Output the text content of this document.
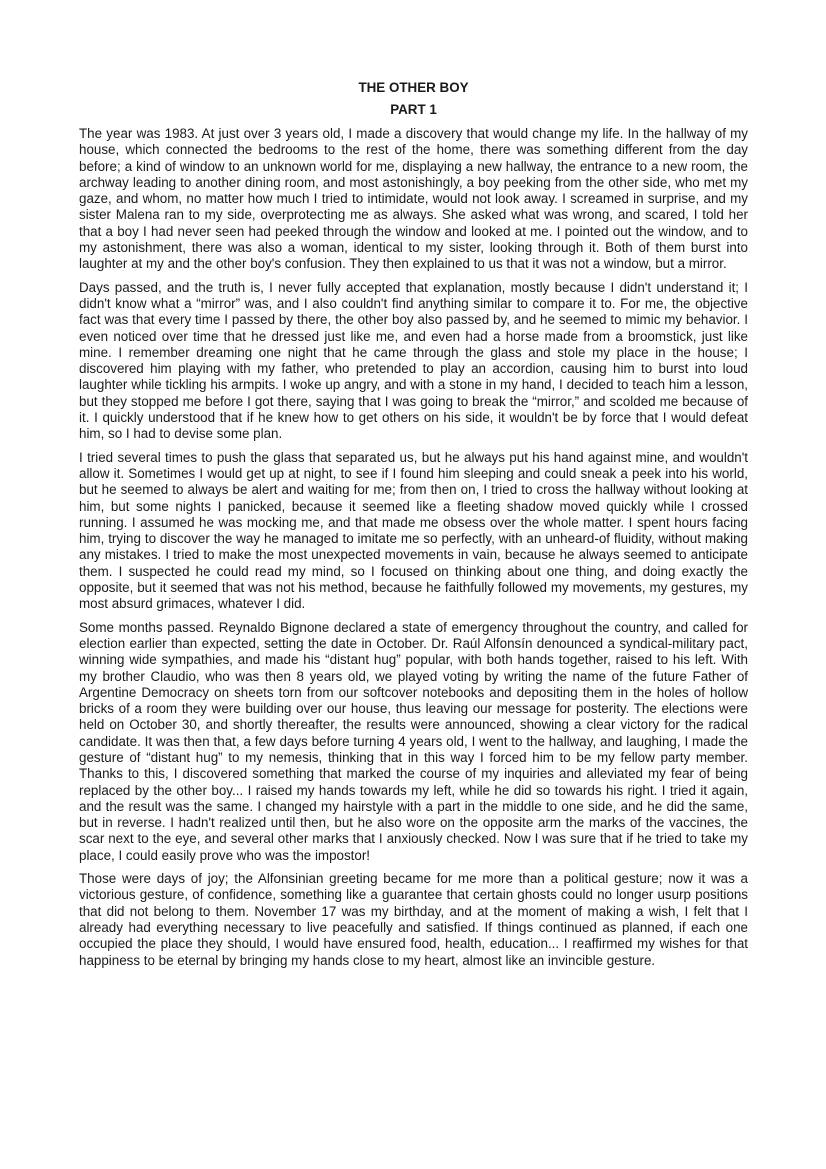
THE OTHER BOY
PART 1

The year was 1983. At just over 3 years old, I made a discovery that would change my life. In the hallway of my house, which connected the bedrooms to the rest of the home, there was something different from the day before; a kind of window to an unknown world for me, displaying a new hallway, the entrance to a new room, the archway leading to another dining room, and most astonishingly, a boy peeking from the other side, who met my gaze, and whom, no matter how much I tried to intimidate, would not look away. I screamed in surprise, and my sister Malena ran to my side, overprotecting me as always. She asked what was wrong, and scared, I told her that a boy I had never seen had peeked through the window and looked at me. I pointed out the window, and to my astonishment, there was also a woman, identical to my sister, looking through it. Both of them burst into laughter at my and the other boy's confusion. They then explained to us that it was not a window, but a mirror.

Days passed, and the truth is, I never fully accepted that explanation, mostly because I didn't understand it; I didn't know what a “mirror” was, and I also couldn't find anything similar to compare it to. For me, the objective fact was that every time I passed by there, the other boy also passed by, and he seemed to mimic my behavior. I even noticed over time that he dressed just like me, and even had a horse made from a broomstick, just like mine. I remember dreaming one night that he came through the glass and stole my place in the house; I discovered him playing with my father, who pretended to play an accordion, causing him to burst into loud laughter while tickling his armpits. I woke up angry, and with a stone in my hand, I decided to teach him a lesson, but they stopped me before I got there, saying that I was going to break the “mirror,” and scolded me because of it. I quickly understood that if he knew how to get others on his side, it wouldn't be by force that I would defeat him, so I had to devise some plan.

I tried several times to push the glass that separated us, but he always put his hand against mine, and wouldn't allow it. Sometimes I would get up at night, to see if I found him sleeping and could sneak a peek into his world, but he seemed to always be alert and waiting for me; from then on, I tried to cross the hallway without looking at him, but some nights I panicked, because it seemed like a fleeting shadow moved quickly while I crossed running. I assumed he was mocking me, and that made me obsess over the whole matter. I spent hours facing him, trying to discover the way he managed to imitate me so perfectly, with an unheard-of fluidity, without making any mistakes. I tried to make the most unexpected movements in vain, because he always seemed to anticipate them. I suspected he could read my mind, so I focused on thinking about one thing, and doing exactly the opposite, but it seemed that was not his method, because he faithfully followed my movements, my gestures, my most absurd grimaces, whatever I did.

Some months passed. Reynaldo Bignone declared a state of emergency throughout the country, and called for election earlier than expected, setting the date in October. Dr. Raúl Alfonsín denounced a syndical-military pact, winning wide sympathies, and made his “distant hug” popular, with both hands together, raised to his left. With my brother Claudio, who was then 8 years old, we played voting by writing the name of the future Father of Argentine Democracy on sheets torn from our softcover notebooks and depositing them in the holes of hollow bricks of a room they were building over our house, thus leaving our message for posterity. The elections were held on October 30, and shortly thereafter, the results were announced, showing a clear victory for the radical candidate. It was then that, a few days before turning 4 years old, I went to the hallway, and laughing, I made the gesture of “distant hug” to my nemesis, thinking that in this way I forced him to be my fellow party member. Thanks to this, I discovered something that marked the course of my inquiries and alleviated my fear of being replaced by the other boy... I raised my hands towards my left, while he did so towards his right. I tried it again, and the result was the same. I changed my hairstyle with a part in the middle to one side, and he did the same, but in reverse. I hadn't realized until then, but he also wore on the opposite arm the marks of the vaccines, the scar next to the eye, and several other marks that I anxiously checked. Now I was sure that if he tried to take my place, I could easily prove who was the impostor!

Those were days of joy; the Alfonsinian greeting became for me more than a political gesture; now it was a victorious gesture, of confidence, something like a guarantee that certain ghosts could no longer usurp positions that did not belong to them. November 17 was my birthday, and at the moment of making a wish, I felt that I already had everything necessary to live peacefully and satisfied. If things continued as planned, if each one occupied the place they should, I would have ensured food, health, education... I reaffirmed my wishes for that happiness to be eternal by bringing my hands close to my heart, almost like an invincible gesture.
